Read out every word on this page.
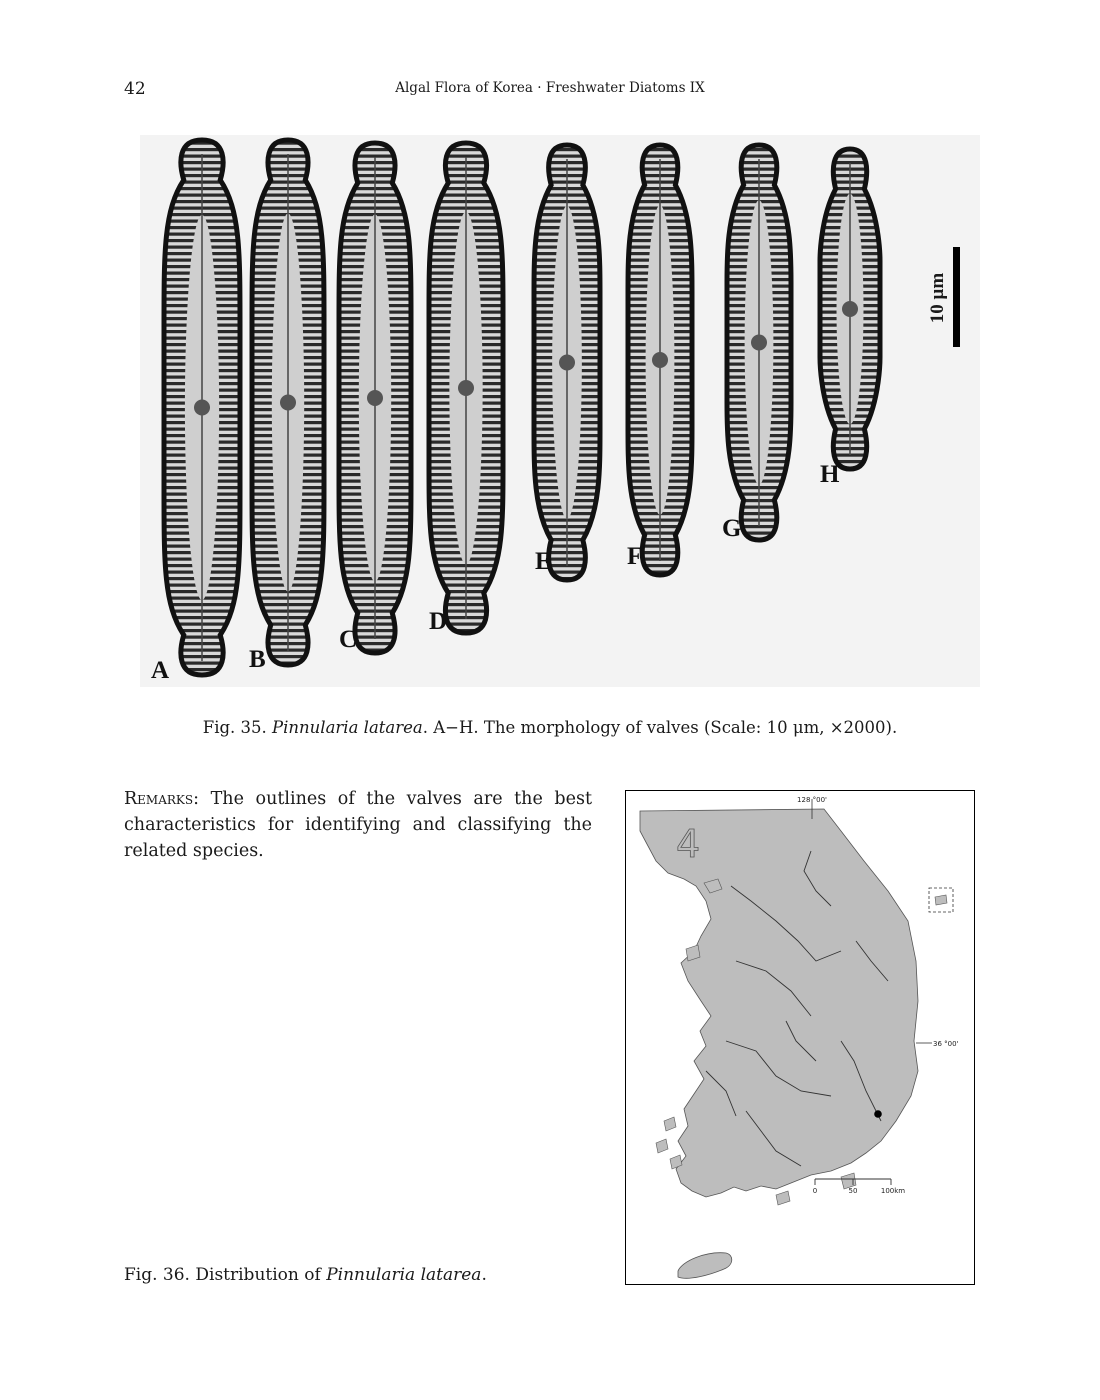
42	Algal Flora of Korea · Freshwater Diatoms IX
A	B
C
D
E	F
G
H
10 μm
Fig. 35. Pinnularia latarea. A−H. The morphology of valves (Scale: 10 μm, ×2000).
Remarks: The outlines of the valves are the best characteristics for identifying and classifying the related species.
128 °00'
36 °00'
4
0	50	100km
Fig. 36. Distribution of Pinnularia latarea.
